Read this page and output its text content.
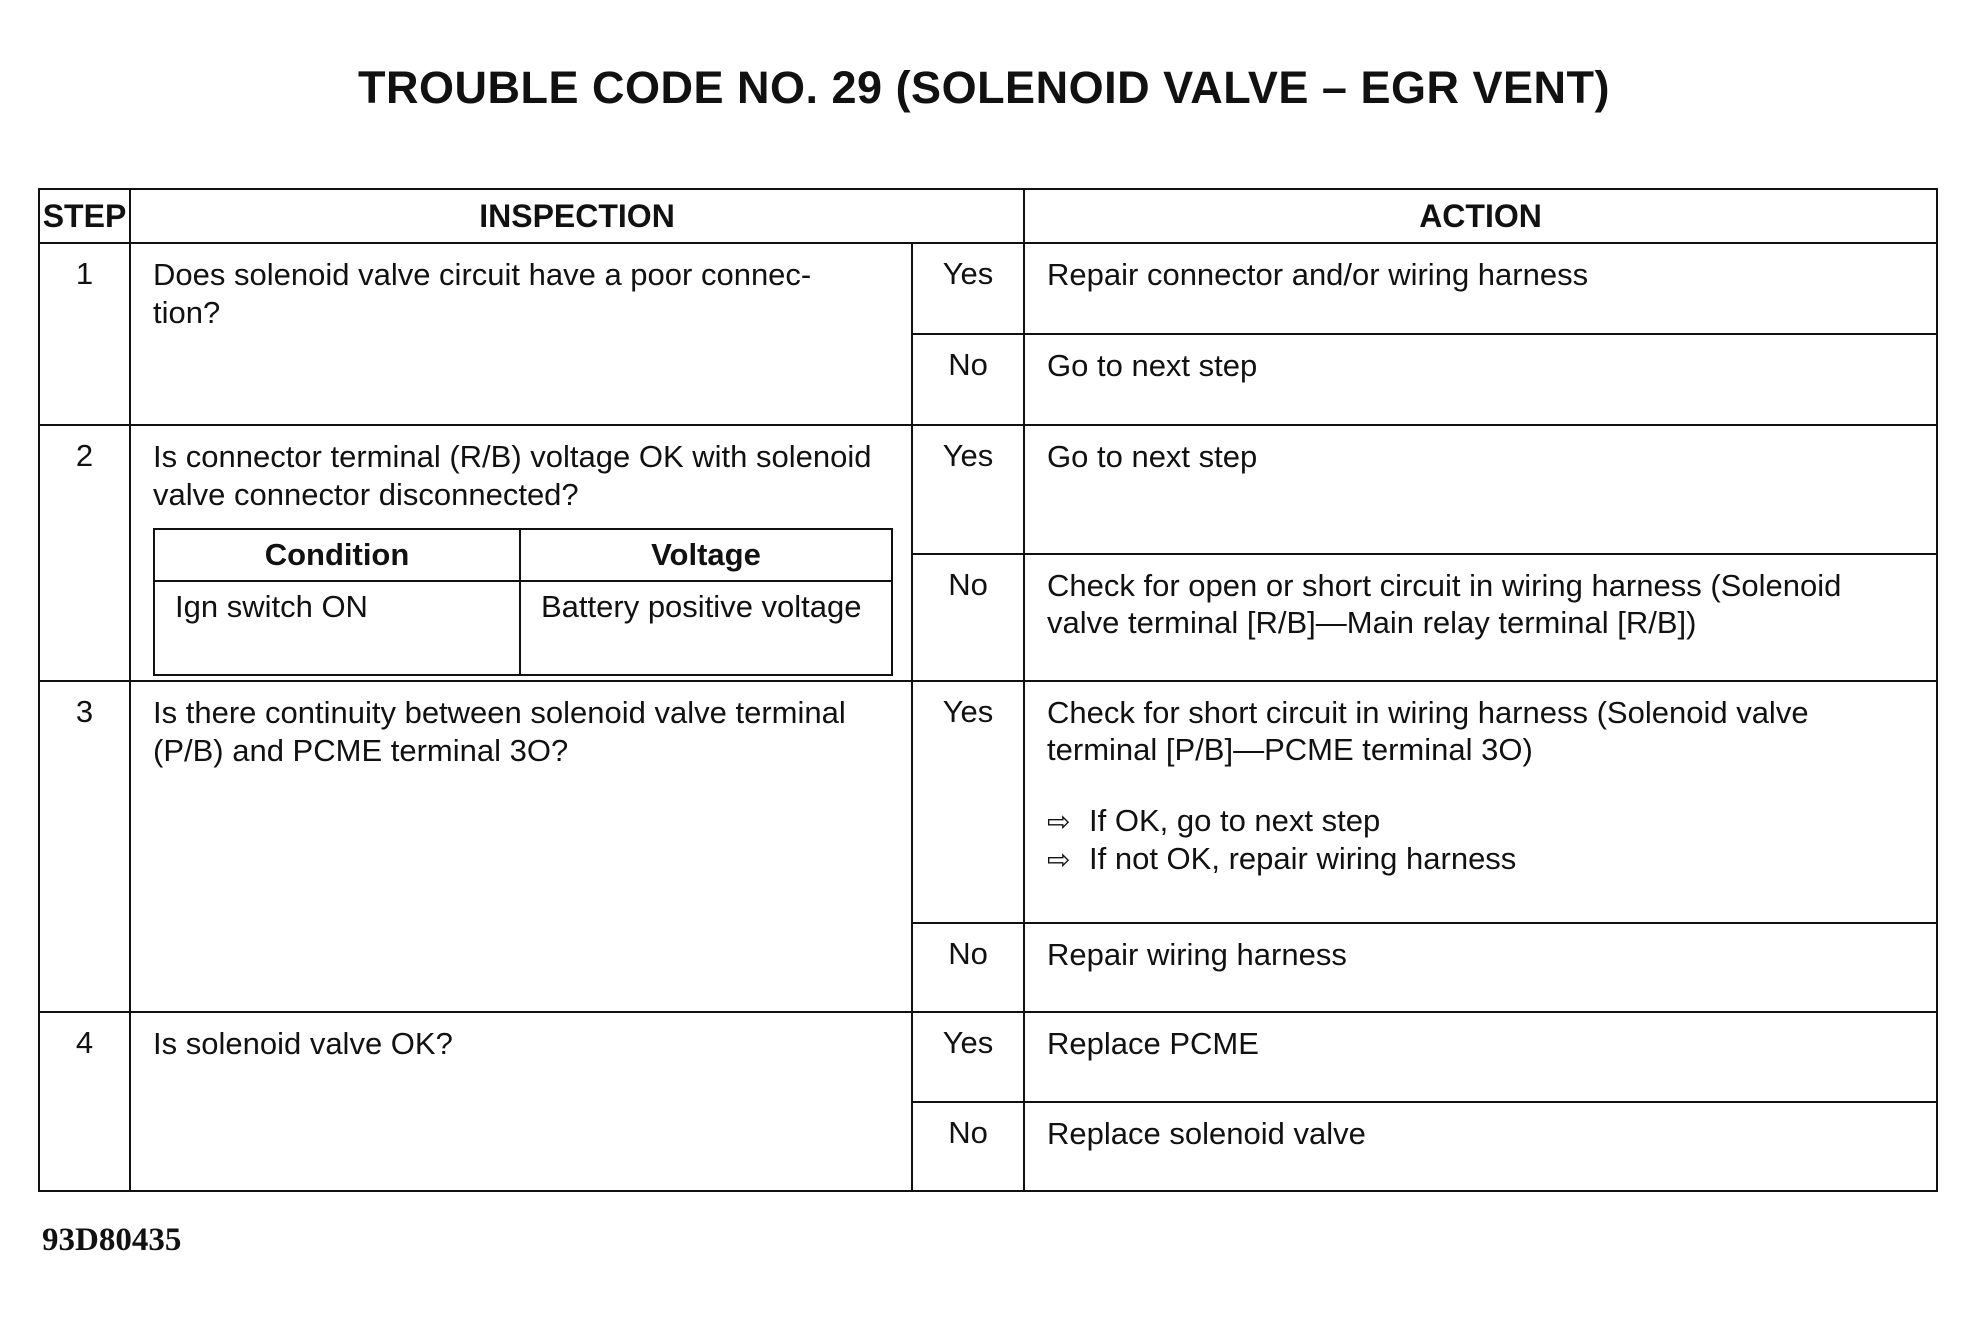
TROUBLE CODE NO. 29 (SOLENOID VALVE – EGR VENT)
STEP	INSPECTION	ACTION
1	Does solenoid valve circuit have a poor connec- tion?	Yes	Repair connector and/or wiring harness
No	Go to next step
2	Is connector terminal (R/B) voltage OK with solenoid valve connector disconnected?
Condition	Voltage
Ign switch ON	Battery positive voltage
	Yes	Go to next step
No	Check for open or short circuit in wiring harness (Solenoid valve terminal [R/B]—Main relay terminal [R/B])
3	Is there continuity between solenoid valve terminal (P/B) and PCME terminal 3O?	Yes	Check for short circuit in wiring harness (Solenoid valve terminal [P/B]—PCME terminal 3O)
⇨ If OK, go to next step
⇨ If not OK, repair wiring harness

No	Repair wiring harness
4	Is solenoid valve OK?	Yes	Replace PCME
No	Replace solenoid valve
93D80435
